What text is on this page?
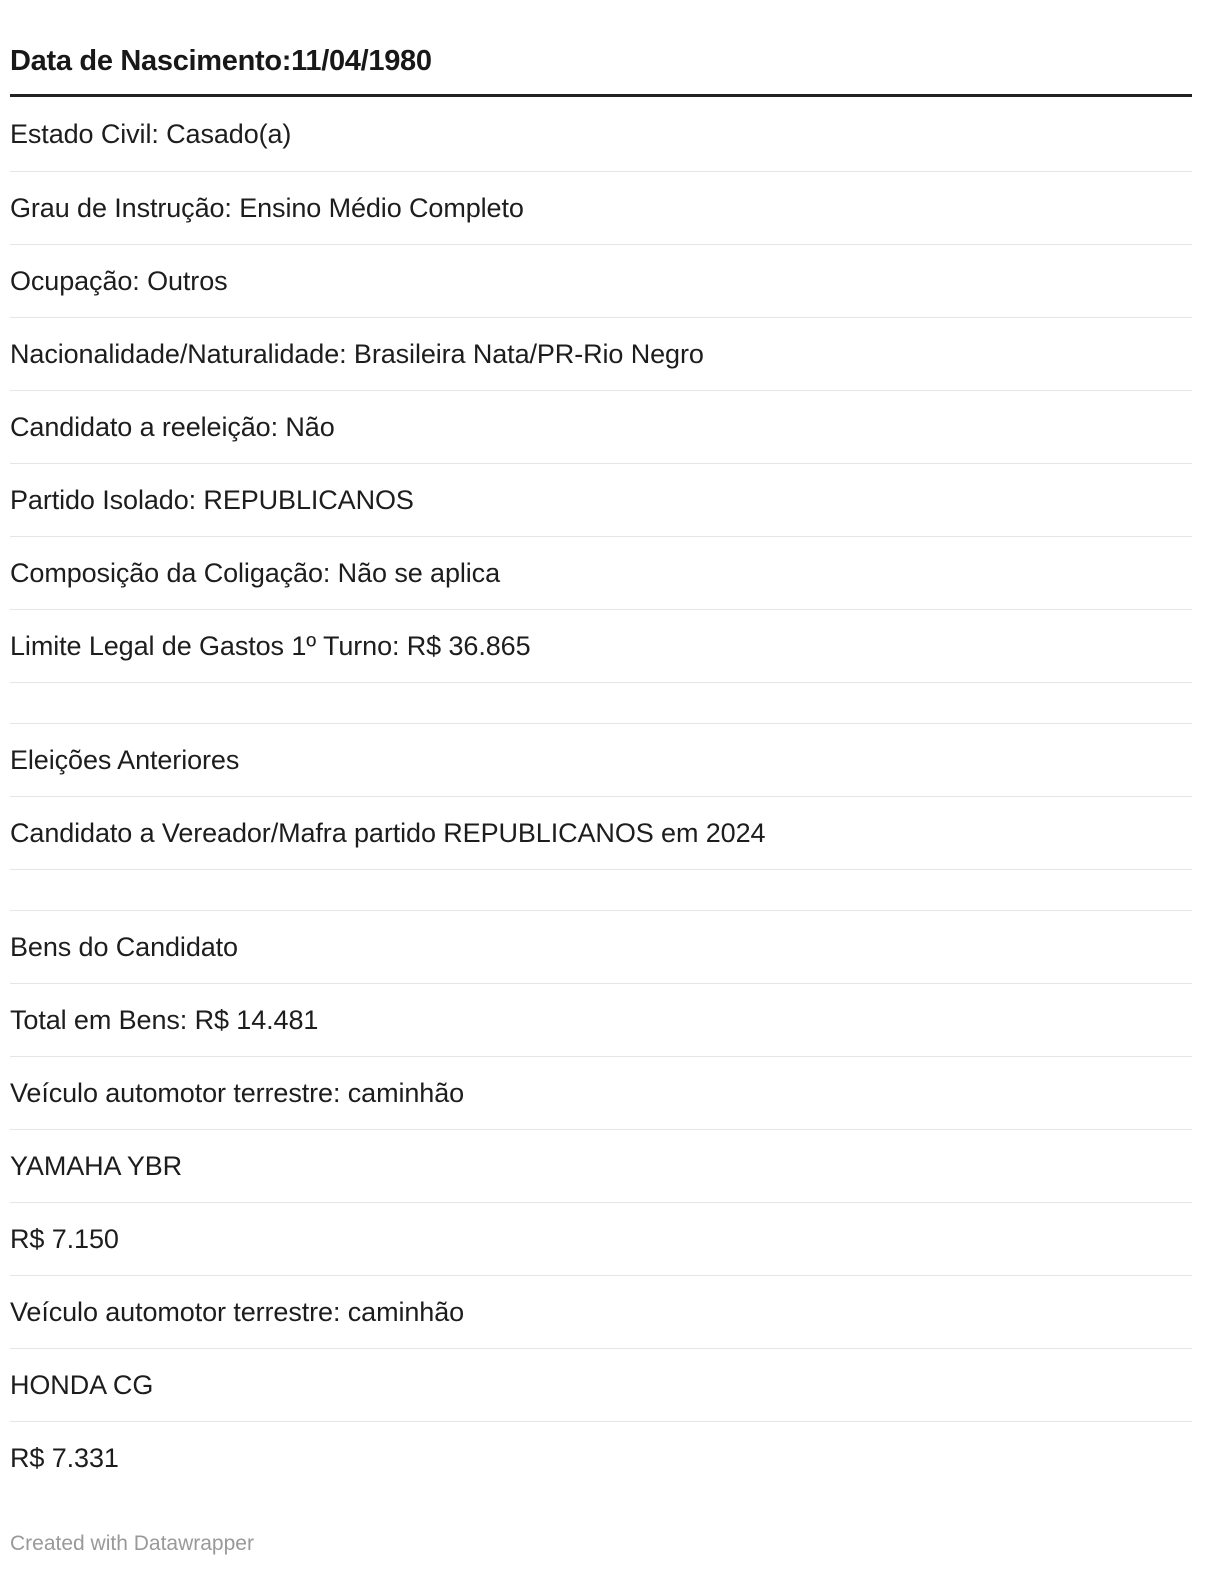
Data de Nascimento:11/04/1980
Estado Civil: Casado(a)
Grau de Instrução: Ensino Médio Completo
Ocupação: Outros
Nacionalidade/Naturalidade: Brasileira Nata/PR-Rio Negro
Candidato a reeleição: Não
Partido Isolado: REPUBLICANOS
Composição da Coligação: Não se aplica
Limite Legal de Gastos 1º Turno: R$ 36.865
Eleições Anteriores
Candidato a Vereador/Mafra partido REPUBLICANOS em 2024
Bens do Candidato
Total em Bens: R$ 14.481
Veículo automotor terrestre: caminhão
YAMAHA YBR
R$ 7.150
Veículo automotor terrestre: caminhão
HONDA CG
R$ 7.331
Created with Datawrapper
